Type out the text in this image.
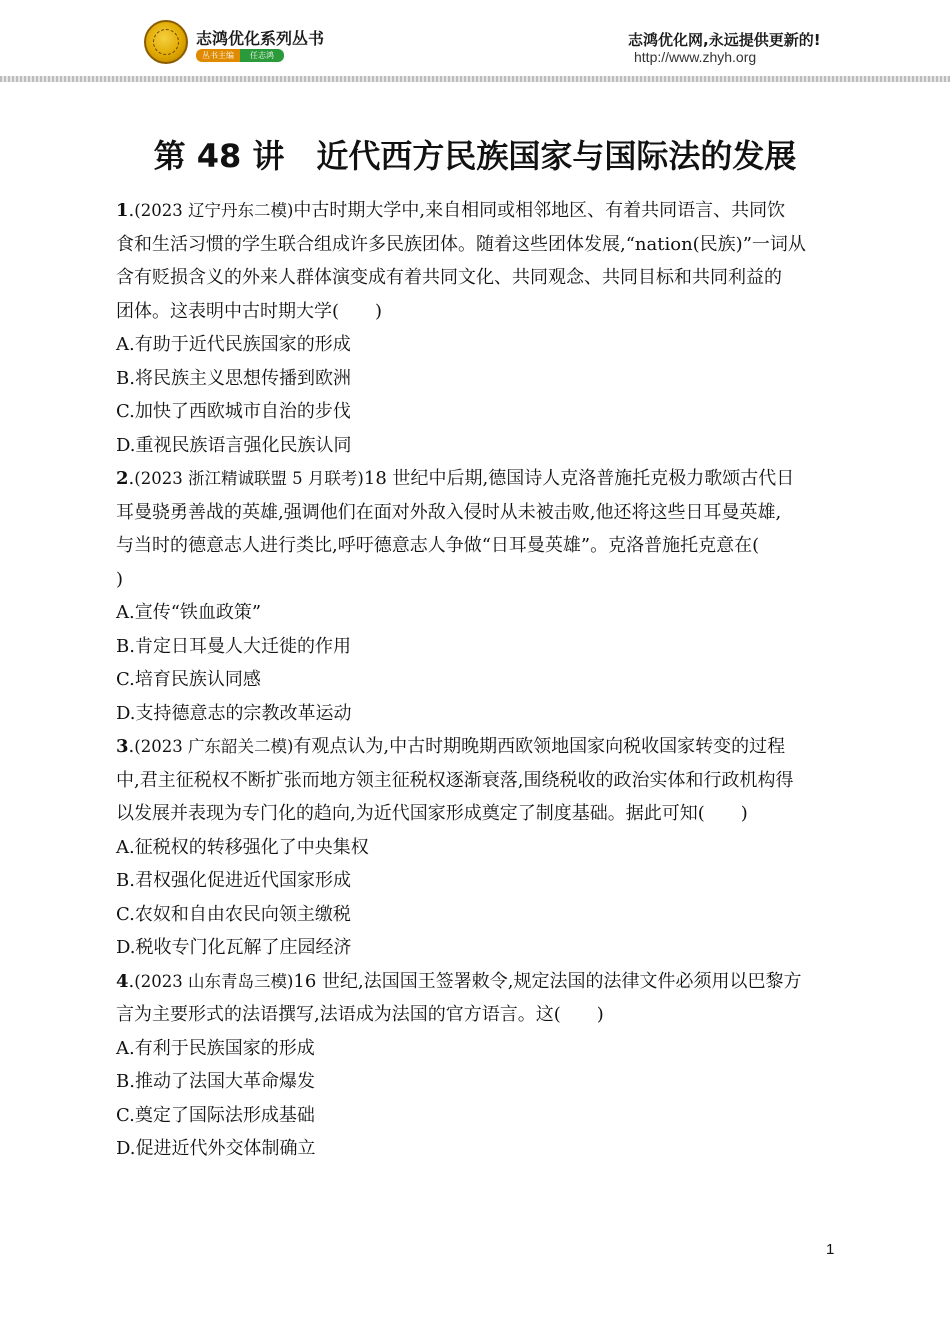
志鸿优化系列丛书
丛书主编	任志鸿
志鸿优化网,永远提供更新的!
http://www.zhyh.org
第 48 讲　近代西方民族国家与国际法的发展
1.(2023 辽宁丹东二模)中古时期大学中,来自相同或相邻地区、有着共同语言、共同饮
食和生活习惯的学生联合组成许多民族团体。随着这些团体发展,“nation(民族)”一词从
含有贬损含义的外来人群体演变成有着共同文化、共同观念、共同目标和共同利益的
团体。这表明中古时期大学(　　)
A.有助于近代民族国家的形成
B.将民族主义思想传播到欧洲
C.加快了西欧城市自治的步伐
D.重视民族语言强化民族认同
2.(2023 浙江精诚联盟 5 月联考)18 世纪中后期,德国诗人克洛普施托克极力歌颂古代日
耳曼骁勇善战的英雄,强调他们在面对外敌入侵时从未被击败,他还将这些日耳曼英雄,
与当时的德意志人进行类比,呼吁德意志人争做“日耳曼英雄”。克洛普施托克意在(
)
A.宣传“铁血政策”
B.肯定日耳曼人大迁徙的作用
C.培育民族认同感
D.支持德意志的宗教改革运动
3.(2023 广东韶关二模)有观点认为,中古时期晚期西欧领地国家向税收国家转变的过程
中,君主征税权不断扩张而地方领主征税权逐渐衰落,围绕税收的政治实体和行政机构得
以发展并表现为专门化的趋向,为近代国家形成奠定了制度基础。据此可知(　　)
A.征税权的转移强化了中央集权
B.君权强化促进近代国家形成
C.农奴和自由农民向领主缴税
D.税收专门化瓦解了庄园经济
4.(2023 山东青岛三模)16 世纪,法国国王签署敕令,规定法国的法律文件必须用以巴黎方
言为主要形式的法语撰写,法语成为法国的官方语言。这(　　)
A.有利于民族国家的形成
B.推动了法国大革命爆发
C.奠定了国际法形成基础
D.促进近代外交体制确立
1
